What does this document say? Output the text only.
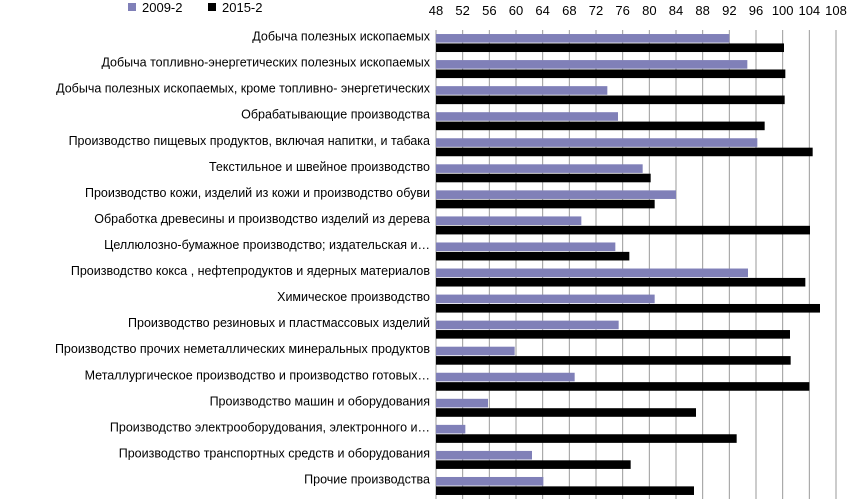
48 52 56 60 64 68 72 76 80 84 88 92 96 100 104 108
Добыча полезных ископаемых
Добыча топливно-энергетических полезных ископаемых
Добыча полезных ископаемых, кроме топливно- энергетических
Обрабатывающие производства
Производство пищевых продуктов, включая напитки, и табака
Текстильное и швейное производство
Производство кожи, изделий из кожи и производство обуви
Обработка древесины и производство изделий из дерева
Целлюлозно-бумажное производство; издательская и…
Производство кокса , нефтепродуктов и ядерных материалов
Химическое производство
Производство резиновых и пластмассовых изделий
Производство прочих неметаллических минеральных продуктов
Металлургическое производство и производство готовых…
Производство машин и оборудования
Производство электрооборудования, электронного и…
Производство транспортных средств и оборудования
Прочие производства
2009-2	2015-2
